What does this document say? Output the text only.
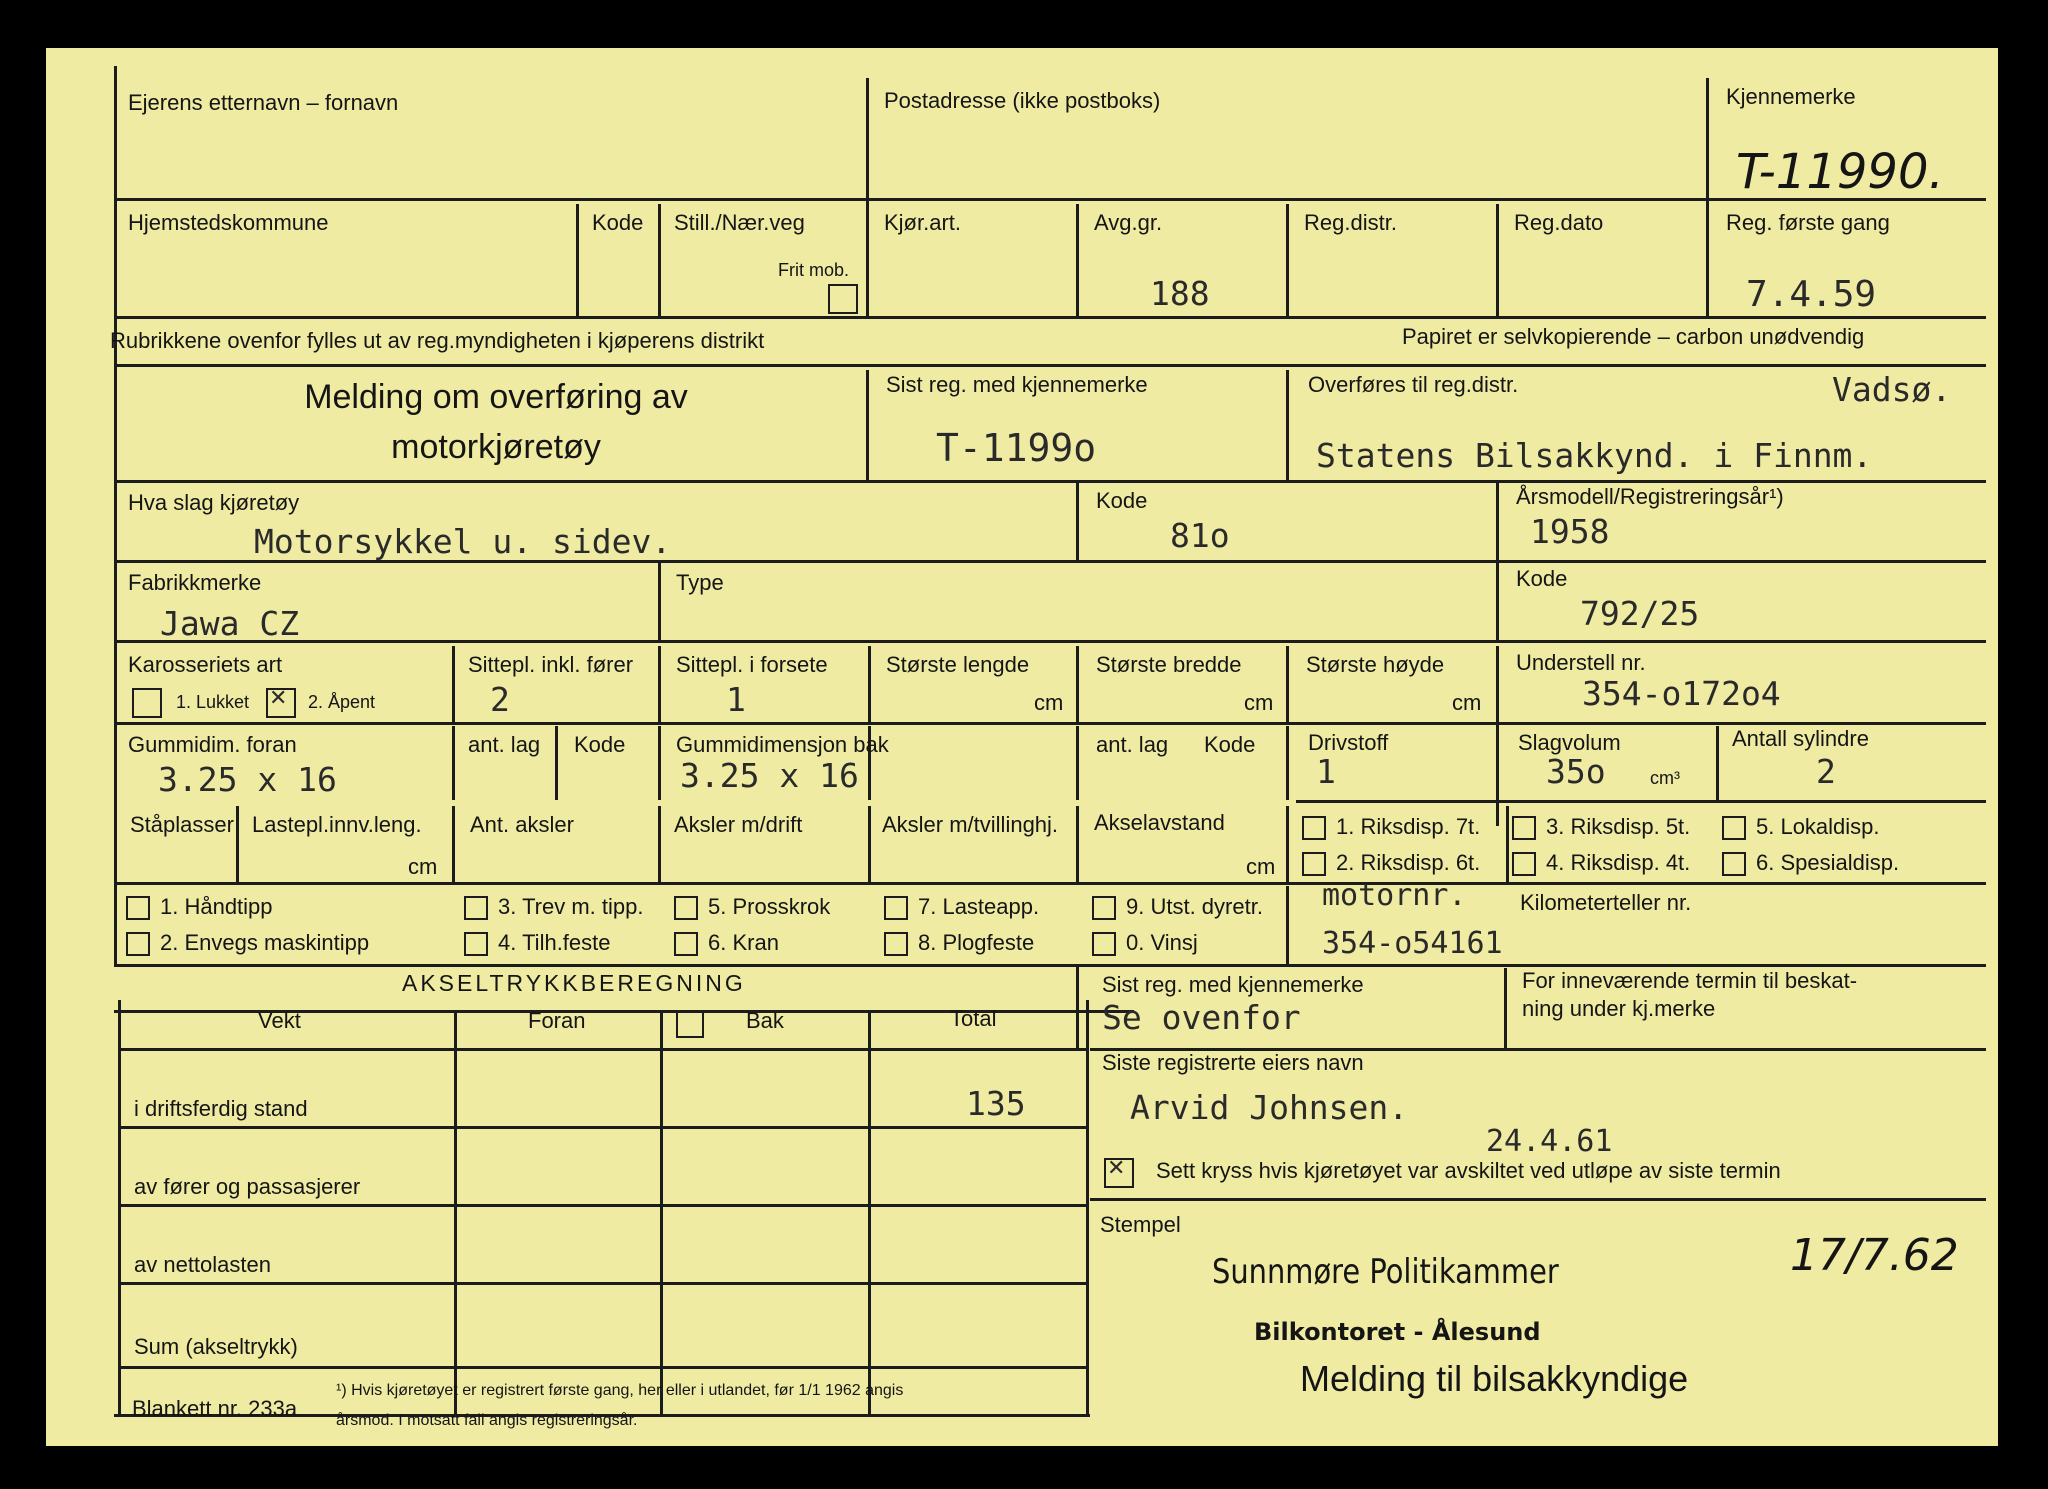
Ejerens etternavn – fornavn	Postadresse (ikke postboks)	Kjennemerke
T-11990.
Hjemstedskommune	Kode Still./Nær.veg
Frit mob.
Kjør.art.	Avg.gr.
188
Reg.distr.	Reg.dato	Reg. første gang
7.4.59
Rubrikkene ovenfor fylles ut av reg.myndigheten i kjøperens distrikt	Papiret er selvkopierende – carbon unødvendig
Melding om overføring av
motorkjøretøy
Sist reg. med kjennemerke
T-1199o
Overføres til reg.distr.	Vadsø.
Statens Bilsakkynd. i Finnm.
Hva slag kjøretøy
Motorsykkel u. sidev.
Kode
81o
Årsmodell/Registreringsår¹)
1958
Fabrikkmerke
Jawa CZ
Type	Kode
792/25
Karosseriets art
1. Lukket
✕	2. Åpent
Sittepl. inkl. fører
2
Sittepl. i forsete
1
Største lengde
cm
Største bredde
cm
Største høyde
cm
Understell nr.
354-o172o4
Gummidim. foran
3.25 x 16
ant. lag Kode Gummidimensjon bak
3.25 x 16
ant. lag Kode Drivstoff
1
Slagvolum
35o cm³
Antall sylindre
2
Ståplasser Lastepl.innv.leng.
cm
Ant. aksler	Aksler m/drift	Aksler m/tvillinghj. Akselavstand
cm
1. Riksdisp. 7t.
2. Riksdisp. 6t.
3. Riksdisp. 5t.
4. Riksdisp. 4t.
5. Lokaldisp.
6. Spesialdisp.
1. Håndtipp
2. Envegs maskintipp
3. Trev m. tipp.
4. Tilh.feste
5. Prosskrok
6. Kran
7. Lasteapp.
8. Plogfeste
9. Utst. dyretr.
0. Vinsj
motornr.
354-o54161
Kilometerteller nr.
AKSELTRYKKBEREGNING
Vekt	Foran	Bak	Total
i driftsferdig stand	135
av fører og passasjerer
av nettolasten
Sum (akseltrykk)
Sist reg. med kjennemerke
Se ovenfor
For inneværende termin til beskat-
ning under kj.merke
Siste registrerte eiers navn
Arvid Johnsen.
24.4.61
✕
Sett kryss hvis kjøretøyet var avskiltet ved utløpe av siste termin
Stempel
Sunnmøre Politikammer
Bilkontoret - Ålesund
17/7.62
Melding til bilsakkyndige
Blankett nr. 233a
¹) Hvis kjøretøyet er registrert første gang, her eller i utlandet, før 1/1 1962 angis
årsmod. I motsatt fall angis registreringsår.
